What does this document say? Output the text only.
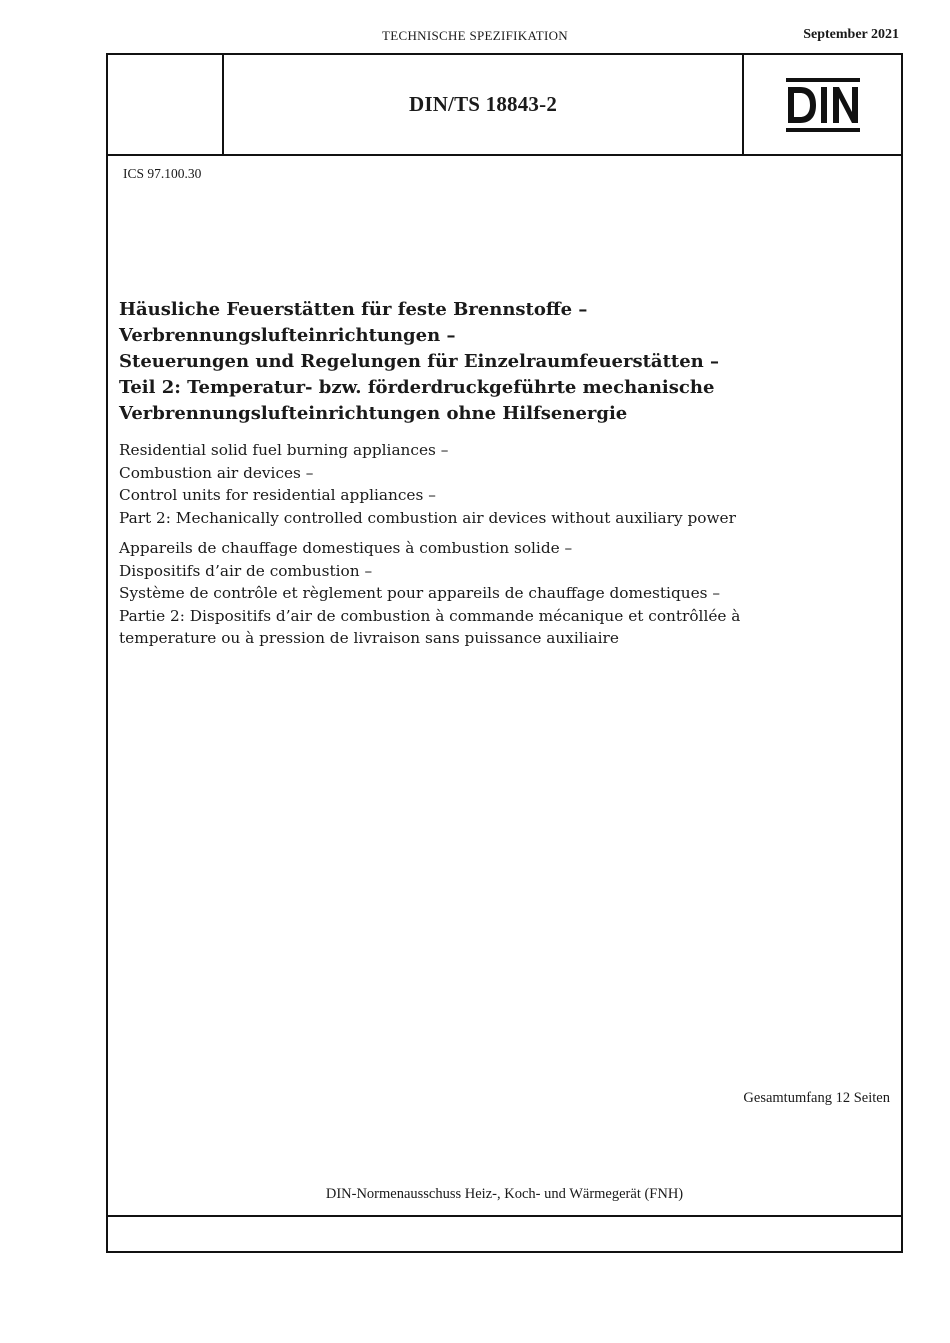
TECHNISCHE SPEZIFIKATION	September 2021
DIN/TS 18843-2
ICS 97.100.30
Häusliche Feuerstätten für feste Brennstoffe –
Verbrennungslufteinrichtungen –
Steuerungen und Regelungen für Einzelraumfeuerstätten –
Teil 2: Temperatur- bzw. förderdruckgeführte mechanische
Verbrennungslufteinrichtungen ohne Hilfsenergie
Residential solid fuel burning appliances –
Combustion air devices –
Control units for residential appliances –
Part 2: Mechanically controlled combustion air devices without auxiliary power
Appareils de chauffage domestiques à combustion solide –
Dispositifs d’air de combustion –
Système de contrôle et règlement pour appareils de chauffage domestiques –
Partie 2: Dispositifs d’air de combustion à commande mécanique et contrôllée à
temperature ou à pression de livraison sans puissance auxiliaire
Gesamtumfang 12 Seiten
DIN-Normenausschuss Heiz-, Koch- und Wärmegerät (FNH)
